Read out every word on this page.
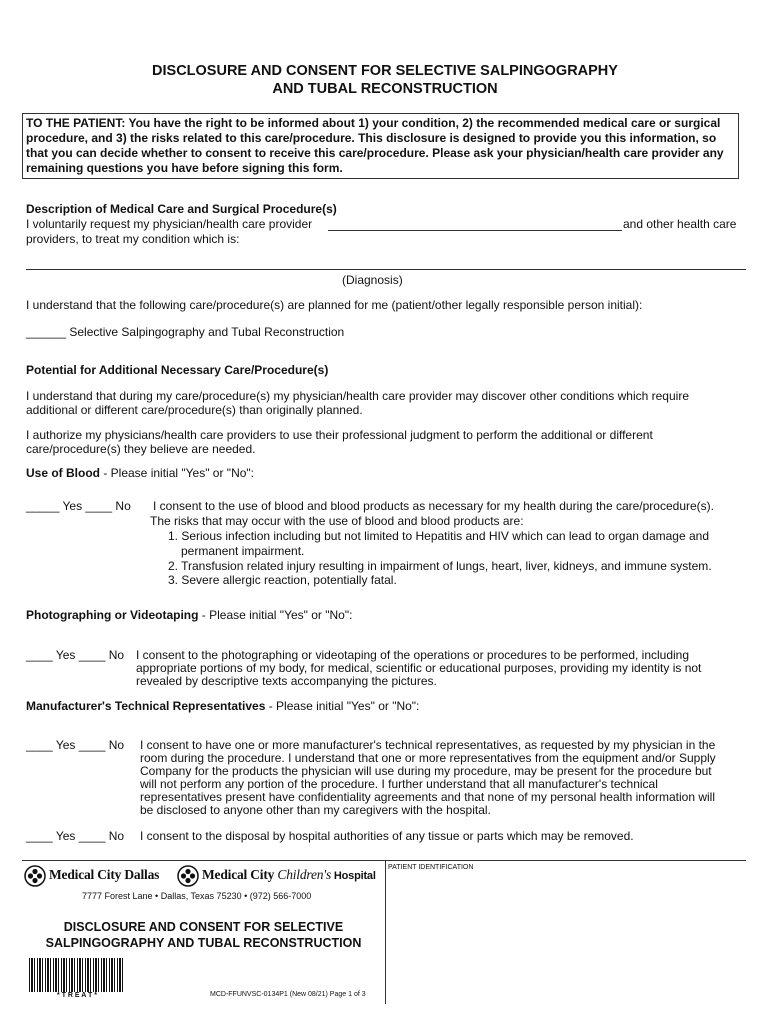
DISCLOSURE AND CONSENT FOR SELECTIVE SALPINGOGRAPHY
AND TUBAL RECONSTRUCTION
TO THE PATIENT: You have the right to be informed about 1) your condition, 2) the recommended medical care or surgical procedure, and 3) the risks related to this care/procedure. This disclosure is designed to provide you this information, so that you can decide whether to consent to receive this care/procedure. Please ask your physician/health care provider any remaining questions you have before signing this form.
Description of Medical Care and Surgical Procedure(s)
I voluntarily request my physician/health care provider	and other health care
providers, to treat my condition which is:
(Diagnosis)
I understand that the following care/procedure(s) are planned for me (patient/other legally responsible person initial):
______ Selective Salpingography and Tubal Reconstruction
Potential for Additional Necessary Care/Procedure(s)
I understand that during my care/procedure(s) my physician/health care provider may discover other conditions which require
additional or different care/procedure(s) than originally planned.
I authorize my physicians/health care providers to use their professional judgment to perform the additional or different
care/procedure(s) they believe are needed.
Use of Blood - Please initial "Yes" or "No":
_____ Yes ____ No I consent to the use of blood and blood products as necessary for my health during the care/procedure(s).
The risks that may occur with the use of blood and blood products are:
1. Serious infection including but not limited to Hepatitis and HIV which can lead to organ damage and
permanent impairment.
2. Transfusion related injury resulting in impairment of lungs, heart, liver, kidneys, and immune system.
3. Severe allergic reaction, potentially fatal.
Photographing or Videotaping - Please initial "Yes" or "No":
____ Yes ____ No I consent to the photographing or videotaping of the operations or procedures to be performed, including
appropriate portions of my body, for medical, scientific or educational purposes, providing my identity is not
revealed by descriptive texts accompanying the pictures.
Manufacturer's Technical Representatives - Please initial "Yes" or "No":
____ Yes ____ No I consent to have one or more manufacturer's technical representatives, as requested by my physician in the
room during the procedure. I understand that one or more representatives from the equipment and/or Supply
Company for the products the physician will use during my procedure, may be present for the procedure but
will not perform any portion of the procedure. I further understand that all manufacturer's technical
representatives present have confidentiality agreements and that none of my personal health information will
be disclosed to anyone other than my caregivers with the hospital.
____ Yes ____ No I consent to the disposal by hospital authorities of any tissue or parts which may be removed.
Medical City Dallas	Medical City Children's Hospital
7777 Forest Lane • Dallas, Texas 75230 • (972) 566-7000
DISCLOSURE AND CONSENT FOR SELECTIVE
SALPINGOGRAPHY AND TUBAL RECONSTRUCTION
* T R E A T *	MCD-FFUNVSC-0134P1 (New 08/21) Page 1 of 3
PATIENT IDENTIFICATION
